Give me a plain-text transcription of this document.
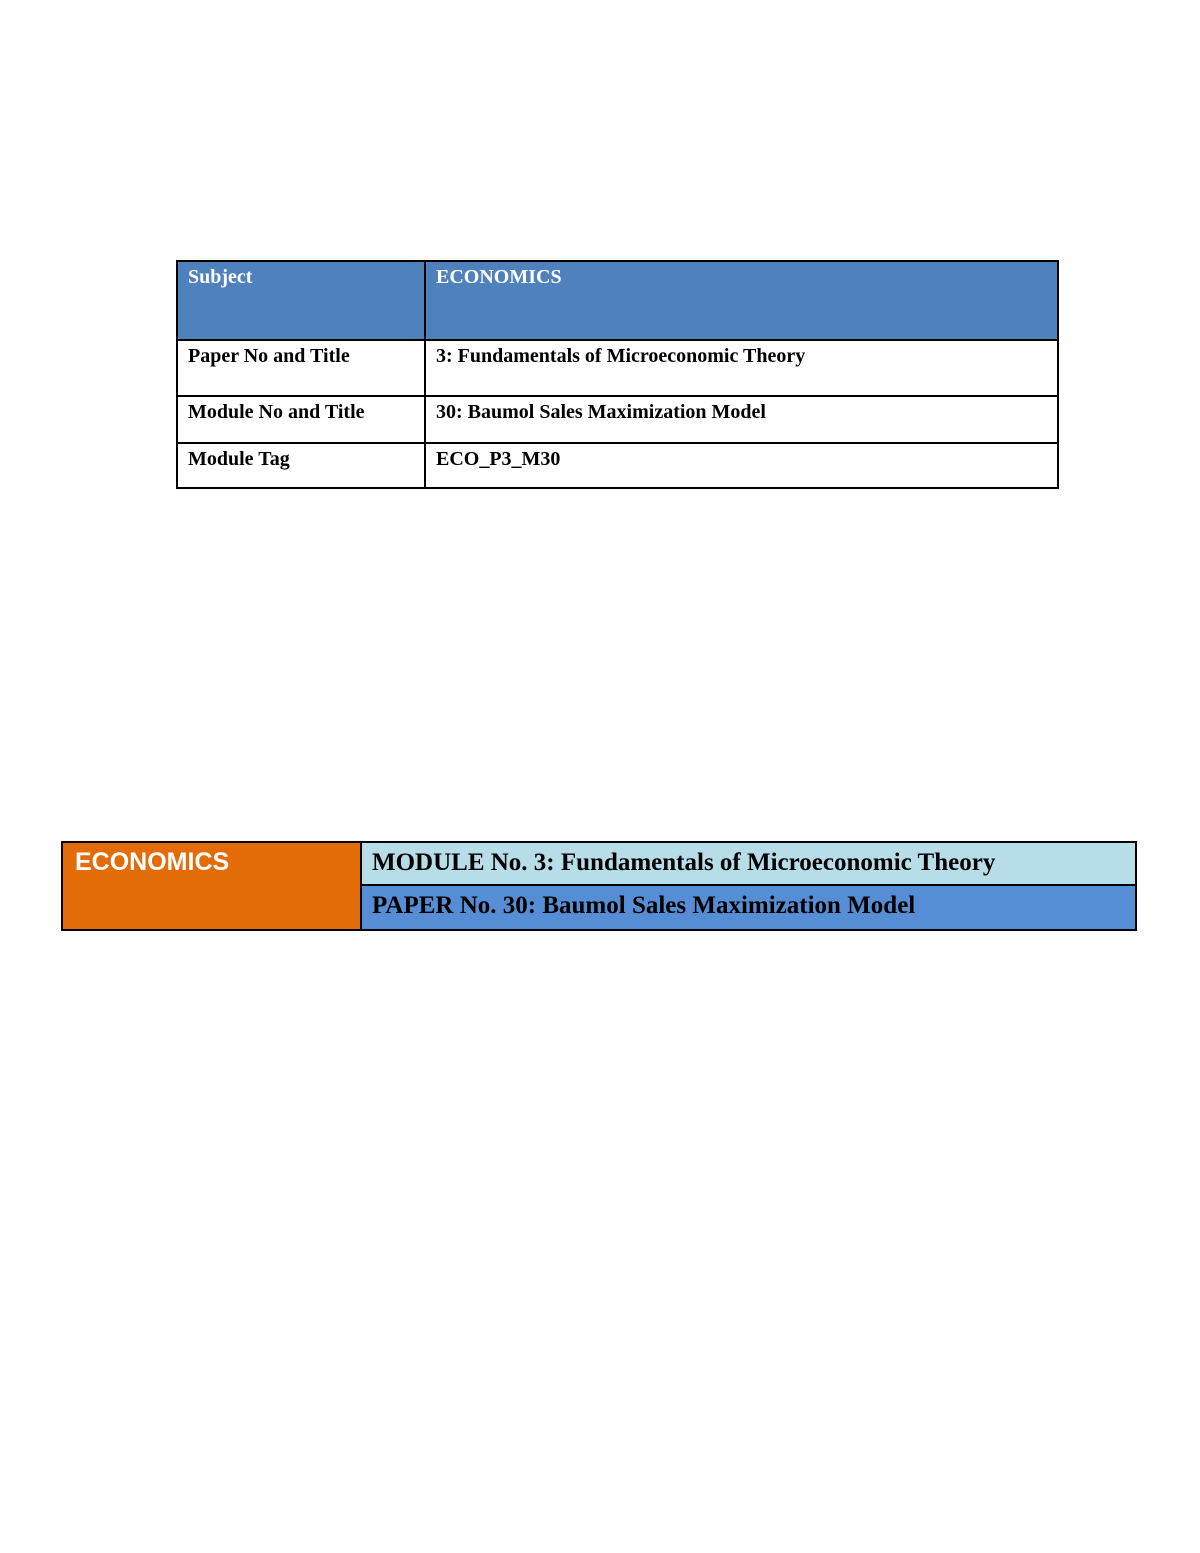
Subject	ECONOMICS
Paper No and Title	3: Fundamentals of Microeconomic Theory
Module No and Title	30: Baumol Sales Maximization Model
Module Tag	ECO_P3_M30
ECONOMICS	MODULE No. 3: Fundamentals of Microeconomic Theory
PAPER No. 30: Baumol Sales Maximization Model
